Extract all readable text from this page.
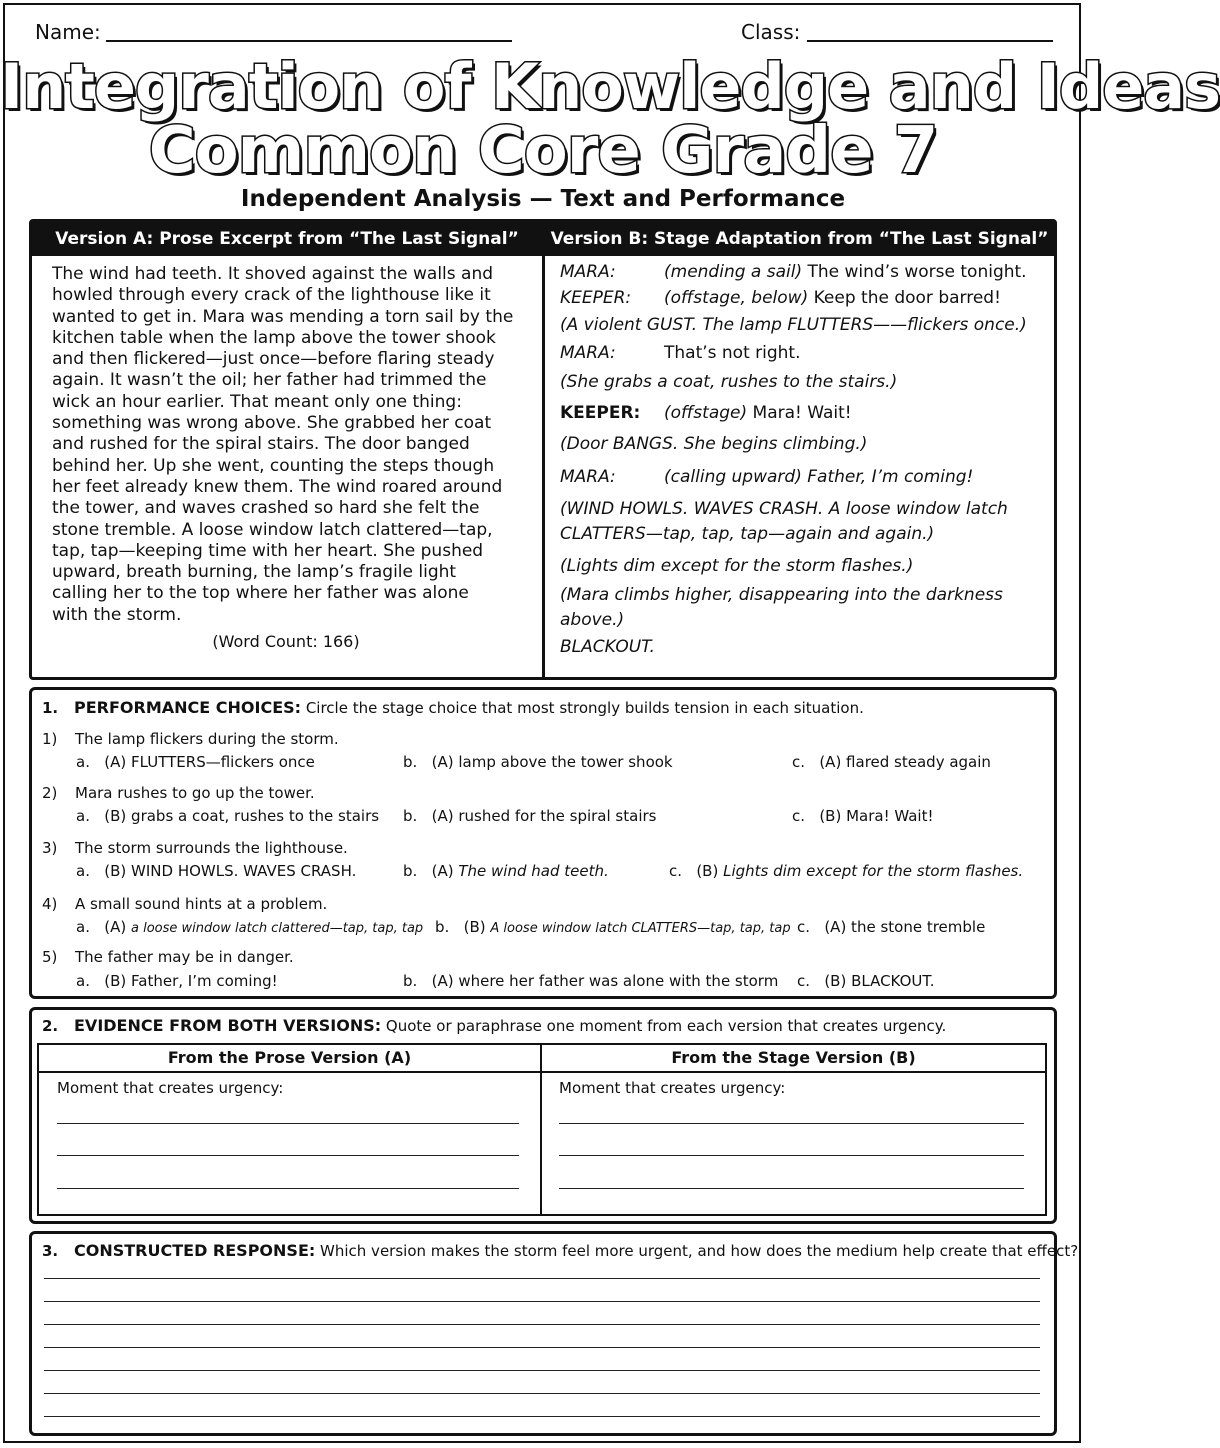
Name:	Class:
Integration of Knowledge and Ideas
Common Core Grade 7
Independent Analysis — Text and Performance
Version A: Prose Excerpt from “The Last Signal”	Version B: Stage Adaptation from “The Last Signal”
The wind had teeth. It shoved against the walls and
howled through every crack of the lighthouse like it
wanted to get in. Mara was mending a torn sail by the
kitchen table when the lamp above the tower shook
and then flickered—just once—before flaring steady
again. It wasn’t the oil; her father had trimmed the
wick an hour earlier. That meant only one thing:
something was wrong above. She grabbed her coat
and rushed for the spiral stairs. The door banged
behind her. Up she went, counting the steps though
her feet already knew them. The wind roared around
the tower, and waves crashed so hard she felt the
stone tremble. A loose window latch clattered—tap,
tap, tap—keeping time with her heart. She pushed
upward, breath burning, the lamp’s fragile light
calling her to the top where her father was alone
with the storm.
(Word Count: 166)
MARA:	(mending a sail) The wind’s worse tonight.
KEEPER: (offstage, below) Keep the door barred!
(A violent GUST. The lamp FLUTTERS——flickers once.)
MARA:	That’s not right.
(She grabs a coat, rushes to the stairs.)
KEEPER: (offstage) Mara! Wait!
(Door BANGS. She begins climbing.)
MARA:	(calling upward) Father, I’m coming!
(WIND HOWLS. WAVES CRASH. A loose window latch
CLATTERS—tap, tap, tap—again and again.)
(Lights dim except for the storm flashes.)
(Mara climbs higher, disappearing into the darkness
above.)
BLACKOUT.
1. PERFORMANCE CHOICES: Circle the stage choice that most strongly builds tension in each situation.
1) The lamp flickers during the storm.
a. (A) FLUTTERS—flickers once	b. (A) lamp above the tower shook	c. (A) flared steady again
2) Mara rushes to go up the tower.
a. (B) grabs a coat, rushes to the stairs b. (A) rushed for the spiral stairs	c. (B) Mara! Wait!
3) The storm surrounds the lighthouse.
a. (B) WIND HOWLS. WAVES CRASH.	b. (A) The wind had teeth.	c. (B) Lights dim except for the storm flashes.
4) A small sound hints at a problem.
a. (A) a loose window latch clattered—tap, tap, tap b. (B) A loose window latch CLATTERS—tap, tap, tap c. (A) the stone tremble
5) The father may be in danger.
a. (B) Father, I’m coming!	b. (A) where her father was alone with the storm c. (B) BLACKOUT.
2. EVIDENCE FROM BOTH VERSIONS: Quote or paraphrase one moment from each version that creates urgency.
From the Prose Version (A)	From the Stage Version (B)
Moment that creates urgency:	Moment that creates urgency:
3. CONSTRUCTED RESPONSE: Which version makes the storm feel more urgent, and how does the medium help create that effect?
